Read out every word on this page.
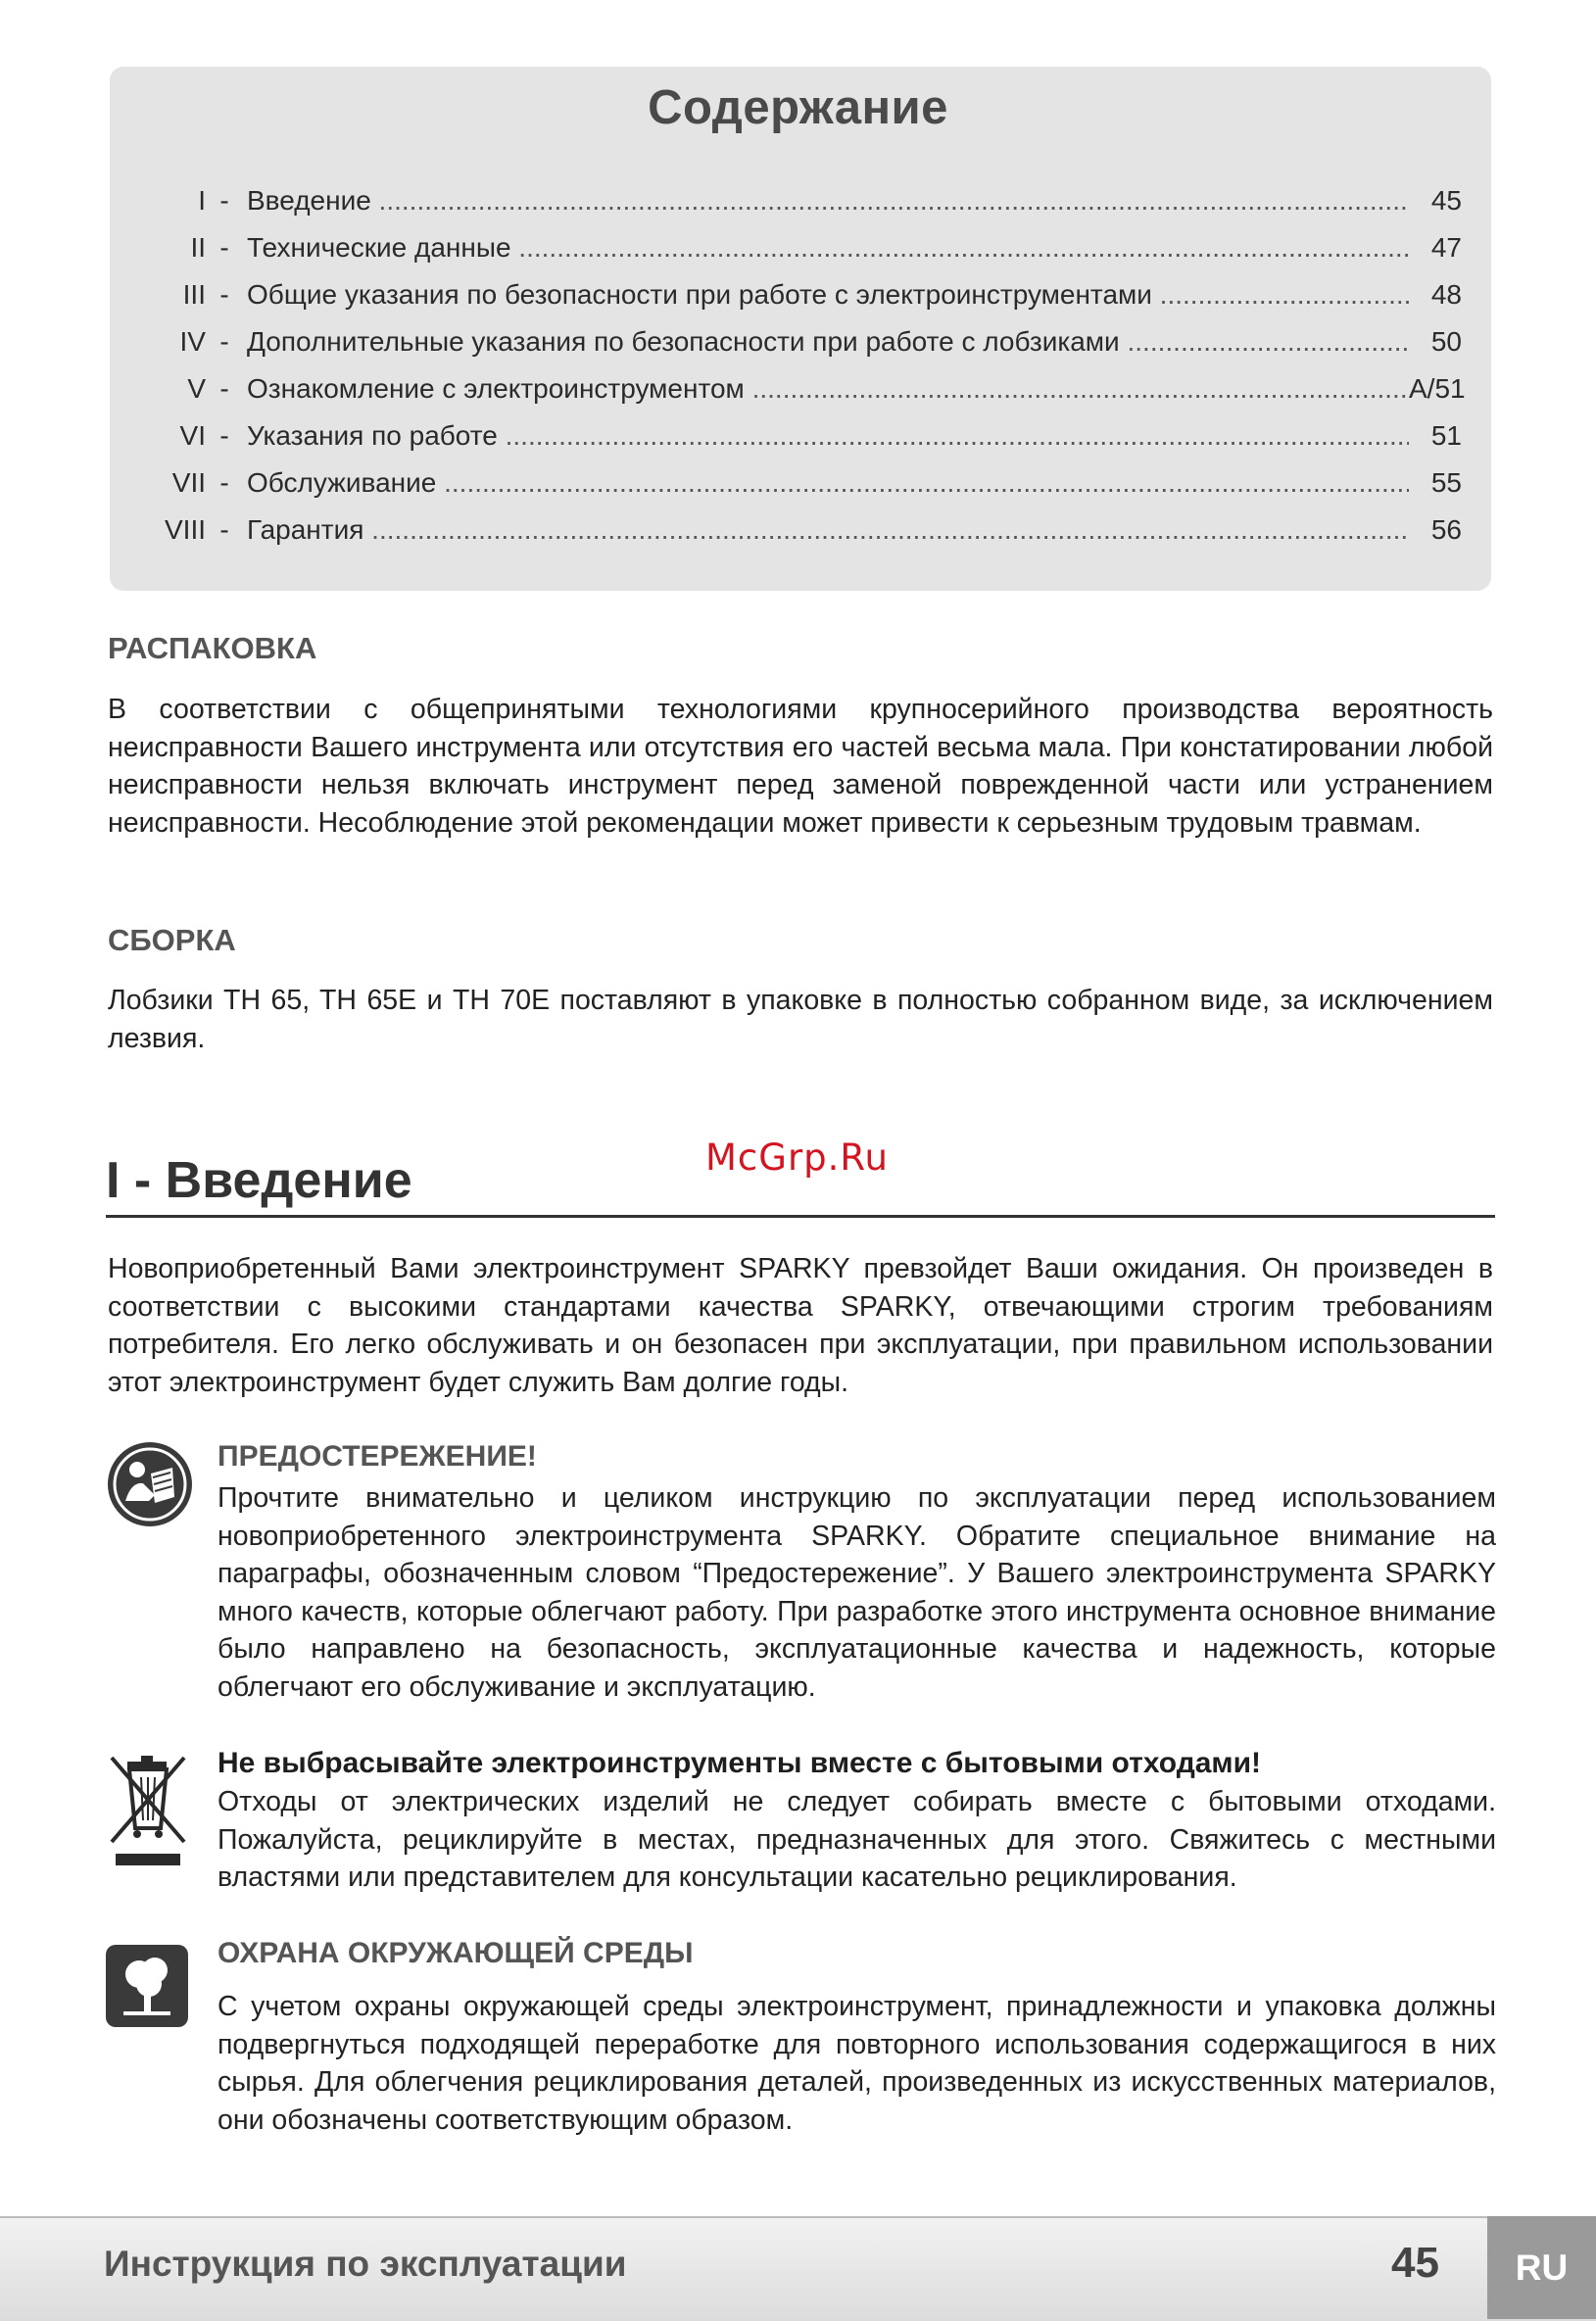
Содержание
I - Введение .....	45
II - Технические данные .....	47
III - Общие указания по безопасности при работе с электроинструментами .....	48
IV - Дополнительные указания по безопасности при работе с лобзиками .....	50
V - Ознакомление с электроинструментом .....	A/51
VI - Указания по работе .....	51
VII - Обслуживание .....	55
VIII - Гарантия .....	56
РАСПАКОВКА

В соответствии с общепринятыми технологиями крупносерийного производства вероятность неисправности Вашего инструмента или отсутствия его частей весьма мала. При констатировании любой неисправности нельзя включать инструмент перед заменой поврежденной части или устранением неисправности. Несоблюдение этой рекомендации может привести к серьезным трудовым травмам.

СБОРКА

Лобзики TH 65, TH 65E и TH 70E поставляют в упаковке в полностью собранном виде, за исключением лезвия.

McGrp.Ru
I - Введение

Новоприобретенный Вами электроинструмент SPARKY превзойдет Ваши ожидания. Он произведен в соответствии с высокими стандартами качества SPARKY, отвечающими строгим требованиям потребителя. Его легко обслуживать и он безопасен при эксплуатации, при правильном использовании этот электроинструмент будет служить Вам долгие годы.

ПРЕДОСТЕРЕЖЕНИЕ!

Прочтите внимательно и целиком инструкцию по эксплуатации перед использованием новоприобретенного электроинструмента SPARKY. Обратите специальное внимание на параграфы, обозначенным словом “Предостережение”. У Вашего электроинструмента SPARKY много качеств, которые облегчают работу. При разработке этого инструмента основное внимание было направлено на безопасность, эксплуатационные качества и надежность, которые облегчают его обслуживание и эксплуатацию.

Не выбрасывайте электроинструменты вместе с бытовыми отходами!

Отходы от электрических изделий не следует собирать вместе с бытовыми отходами. Пожалуйста, рециклируйте в местах, предназначенных для этого. Свяжитесь с местными властями или представителем для консультации касательно рециклирования.

ОХРАНА ОКРУЖАЮЩЕЙ СРЕДЫ

С учетом охраны окружающей среды электроинструмент, принадлежности и упаковка должны подвергнуться подходящей переработке для повторного использования содержащигося в них сырья. Для облегчения рециклирования деталей, произведенных из искусственных материалов, они обозначены соответствующим образом.

Инструкция по эксплуатации	45	RU
